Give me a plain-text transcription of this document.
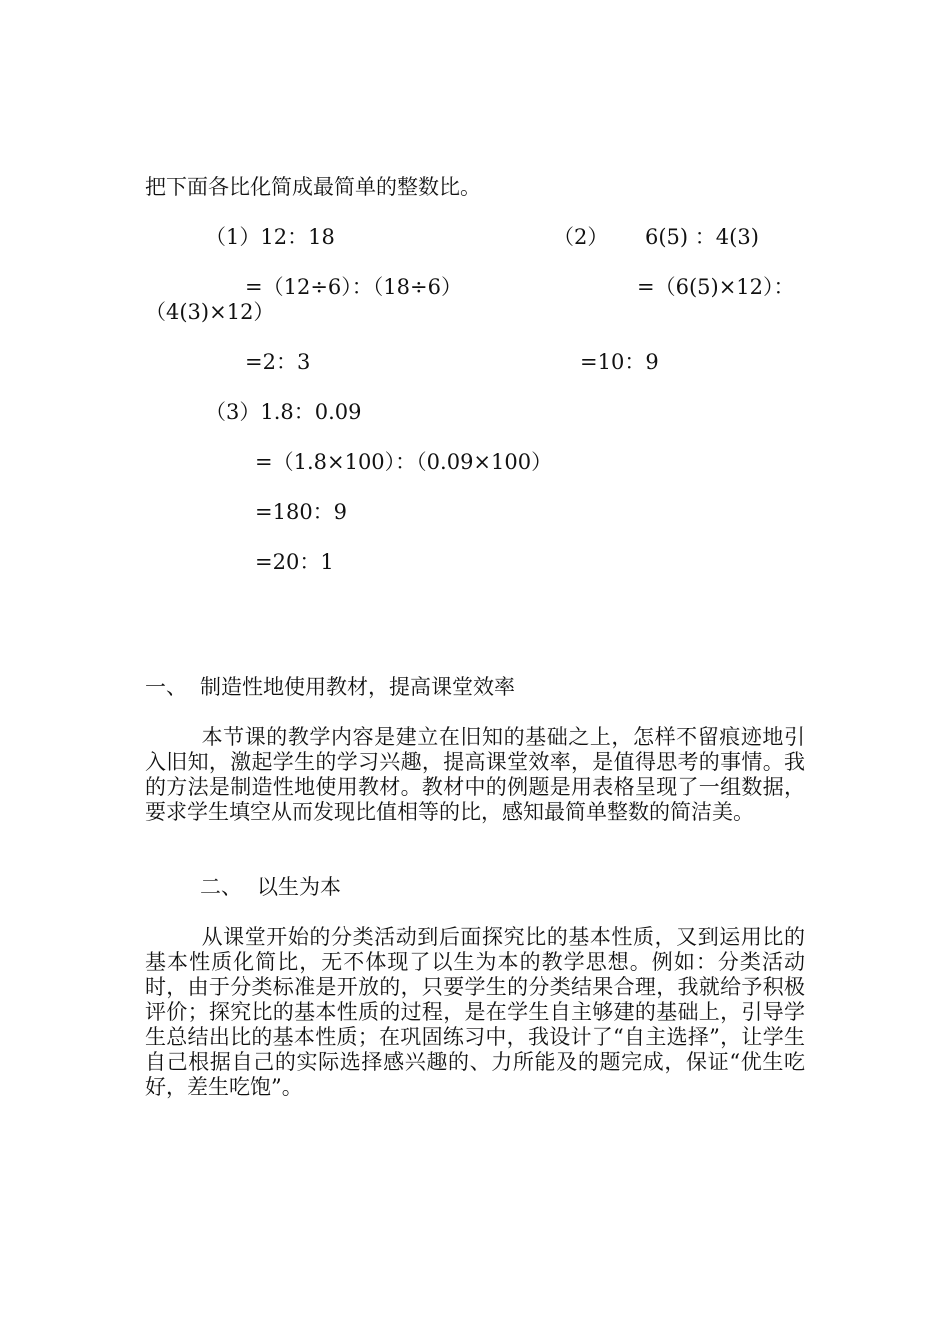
把下面各比化简成最简单的整数比。
（1）12：18
=（12÷6）：（18÷6）
=2：3
（2） 6(5) ：4(3)
=（6(5)×12）：
（4(3)×12）
=10：9
（3）1.8：0.09
=（1.8×100）：（0.09×100）
=180：9
=20：1
一、 制造性地使用教材，提高课堂效率
本节课的教学内容是建立在旧知的基础之上，怎样不留痕迹地引入旧知，激起学生的学习兴趣，提高课堂效率，是值得思考的事情。我的方法是制造性地使用教材。教材中的例题是用表格呈现了一组数据，要求学生填空从而发现比值相等的比，感知最简单整数的简洁美。
二、 以生为本
从课堂开始的分类活动到后面探究比的基本性质，又到运用比的基本性质化简比，无不体现了以生为本的教学思想。例如：分类活动时，由于分类标准是开放的，只要学生的分类结果合理，我就给予积极评价；探究比的基本性质的过程，是在学生自主够建的基础上，引导学生总结出比的基本性质；在巩固练习中，我设计了“自主选择”，让学生自己根据自己的实际选择感兴趣的、力所能及的题完成，保证“优生吃好，差生吃饱”。
